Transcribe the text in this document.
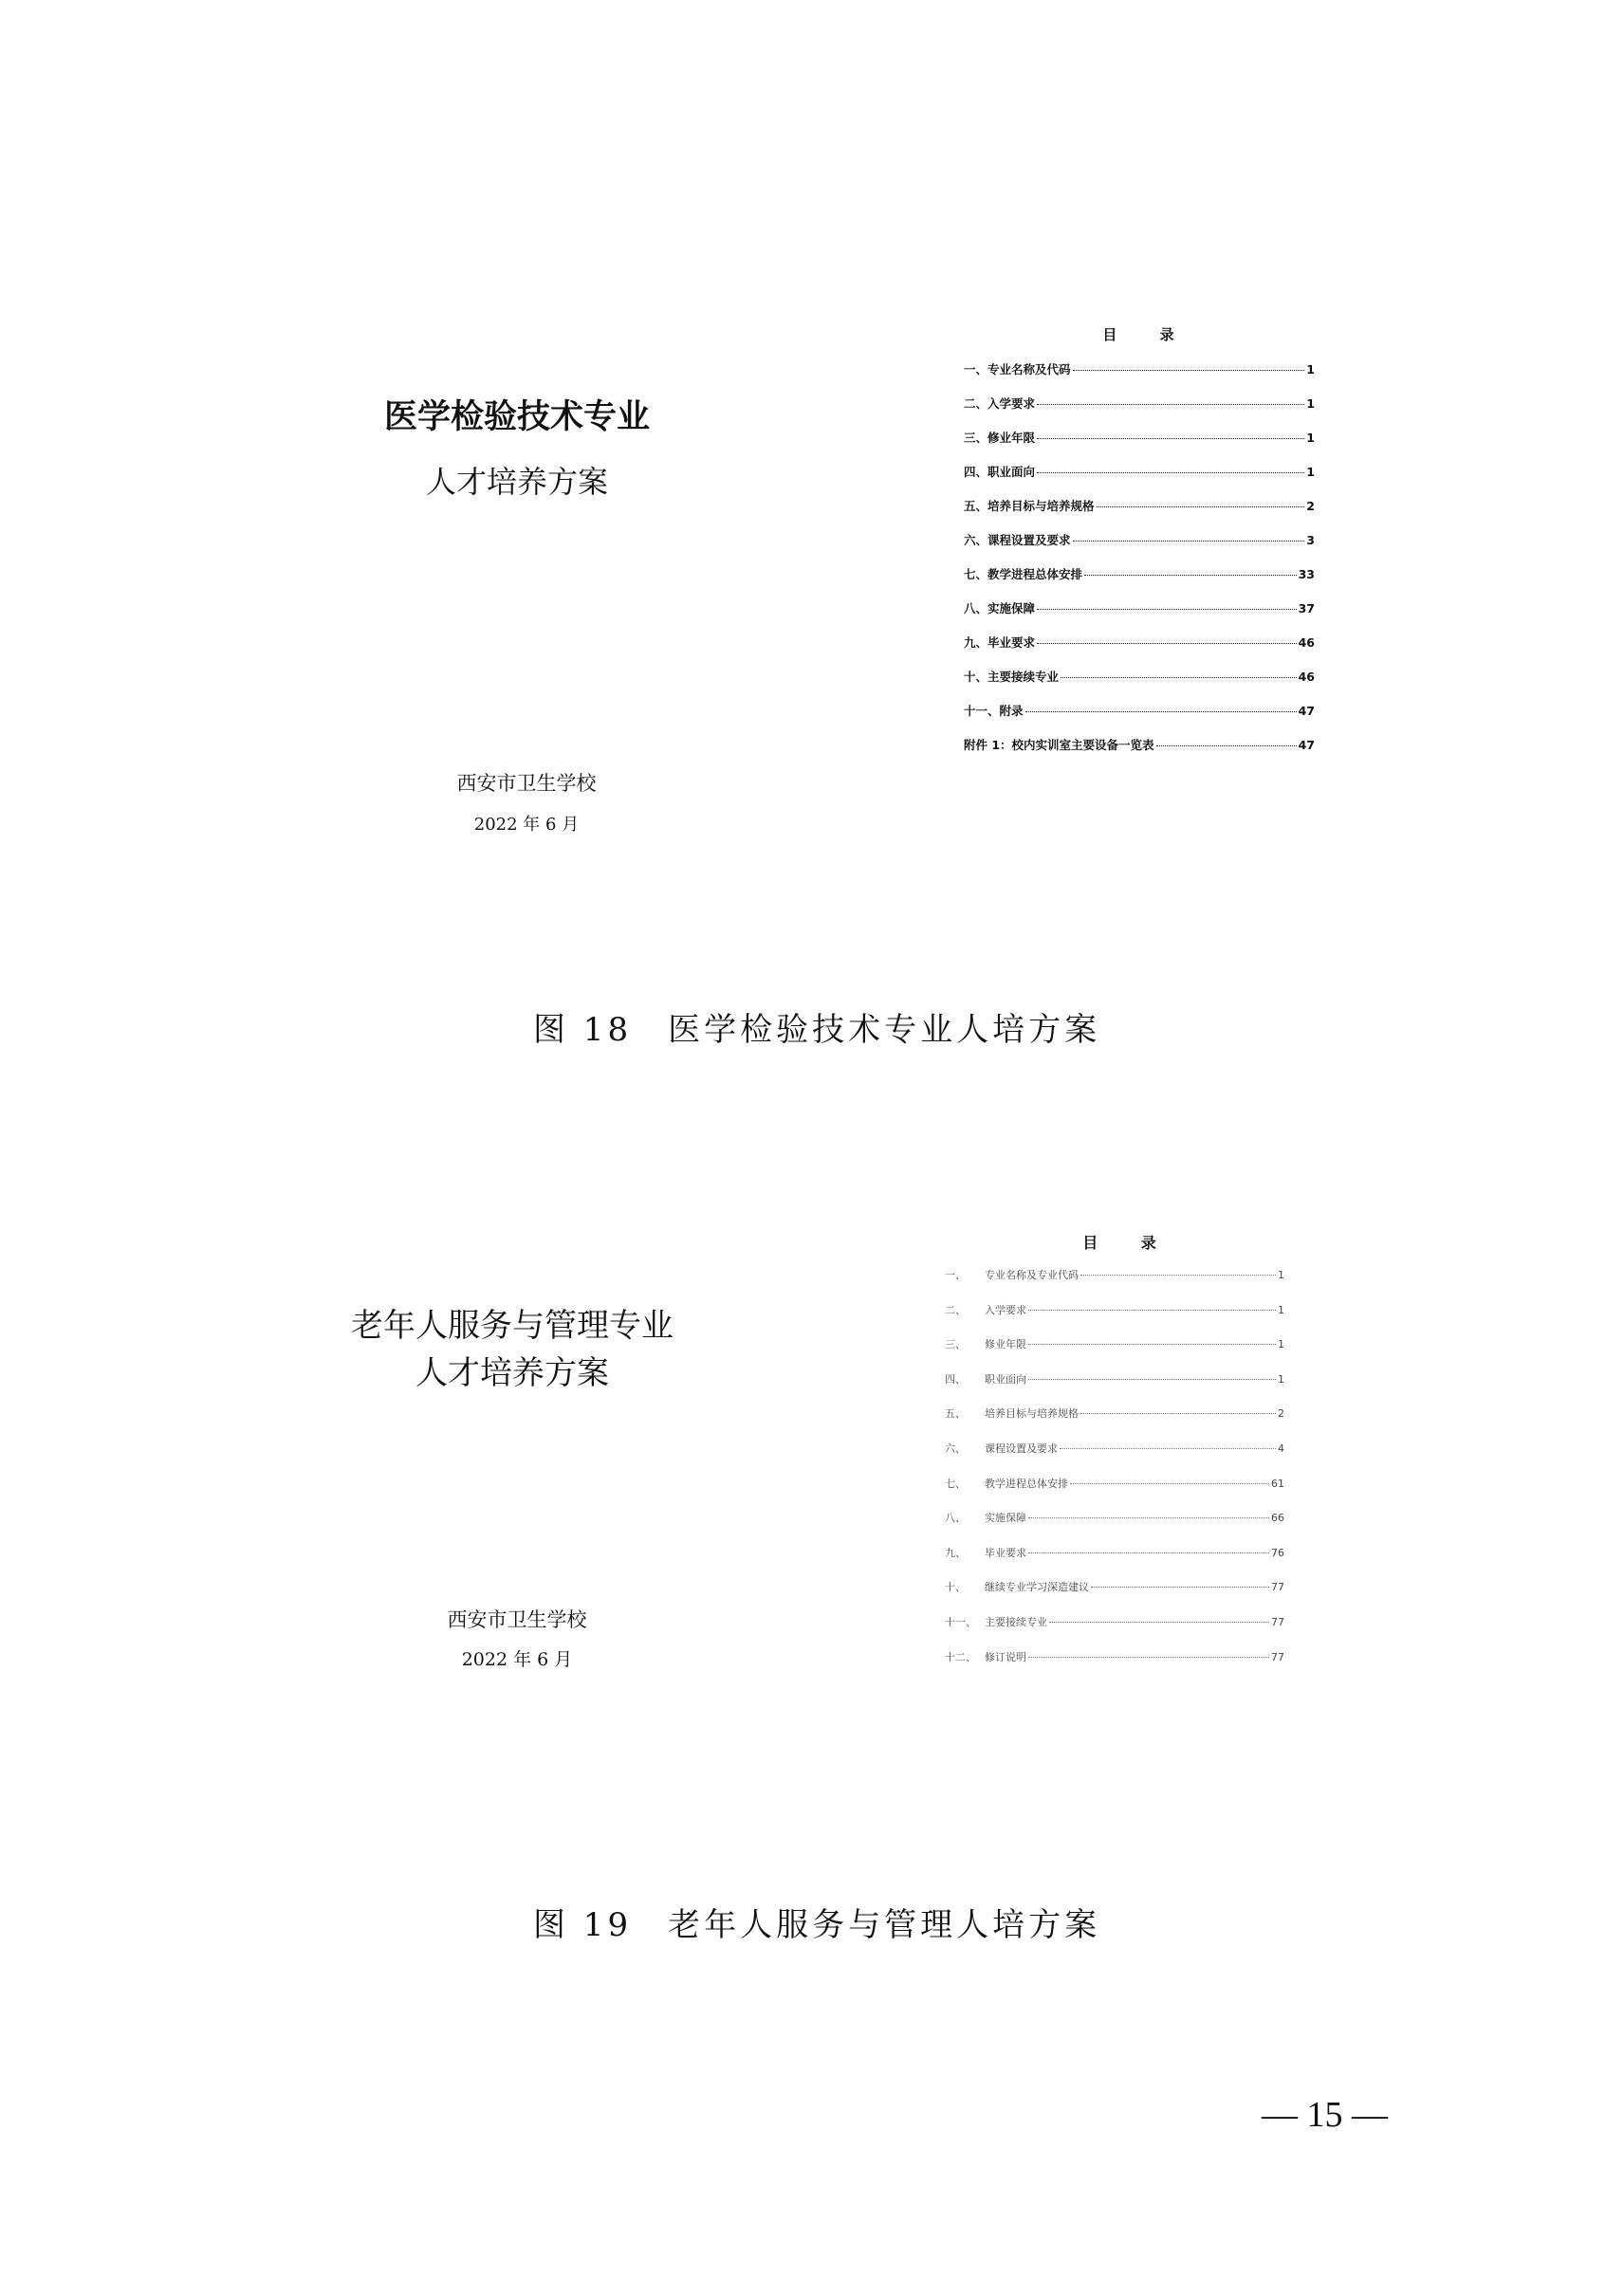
医学检验技术专业
人才培养方案
西安市卫生学校
2022 年 6 月
目 录
一、专业名称及代码	1
二、入学要求	1
三、修业年限	1
四、职业面向	1
五、培养目标与培养规格	2
六、课程设置及要求	3
七、教学进程总体安排	33
八、实施保障	37
九、毕业要求	46
十、主要接续专业	46
十一、附录	47
附件 1：校内实训室主要设备一览表	47
图 18　医学检验技术专业人培方案
老年人服务与管理专业
人才培养方案
西安市卫生学校
2022 年 6 月
目 录
一、	专业名称及专业代码	1
二、	入学要求	1
三、	修业年限	1
四、	职业面向	1
五、	培养目标与培养规格	2
六、	课程设置及要求	4
七、	教学进程总体安排	61
八、	实施保障	66
九、	毕业要求	76
十、	继续专业学习深造建议	77
十一、 主要接续专业	77
十二、 修订说明	77
图 19　老年人服务与管理人培方案
— 15 —
